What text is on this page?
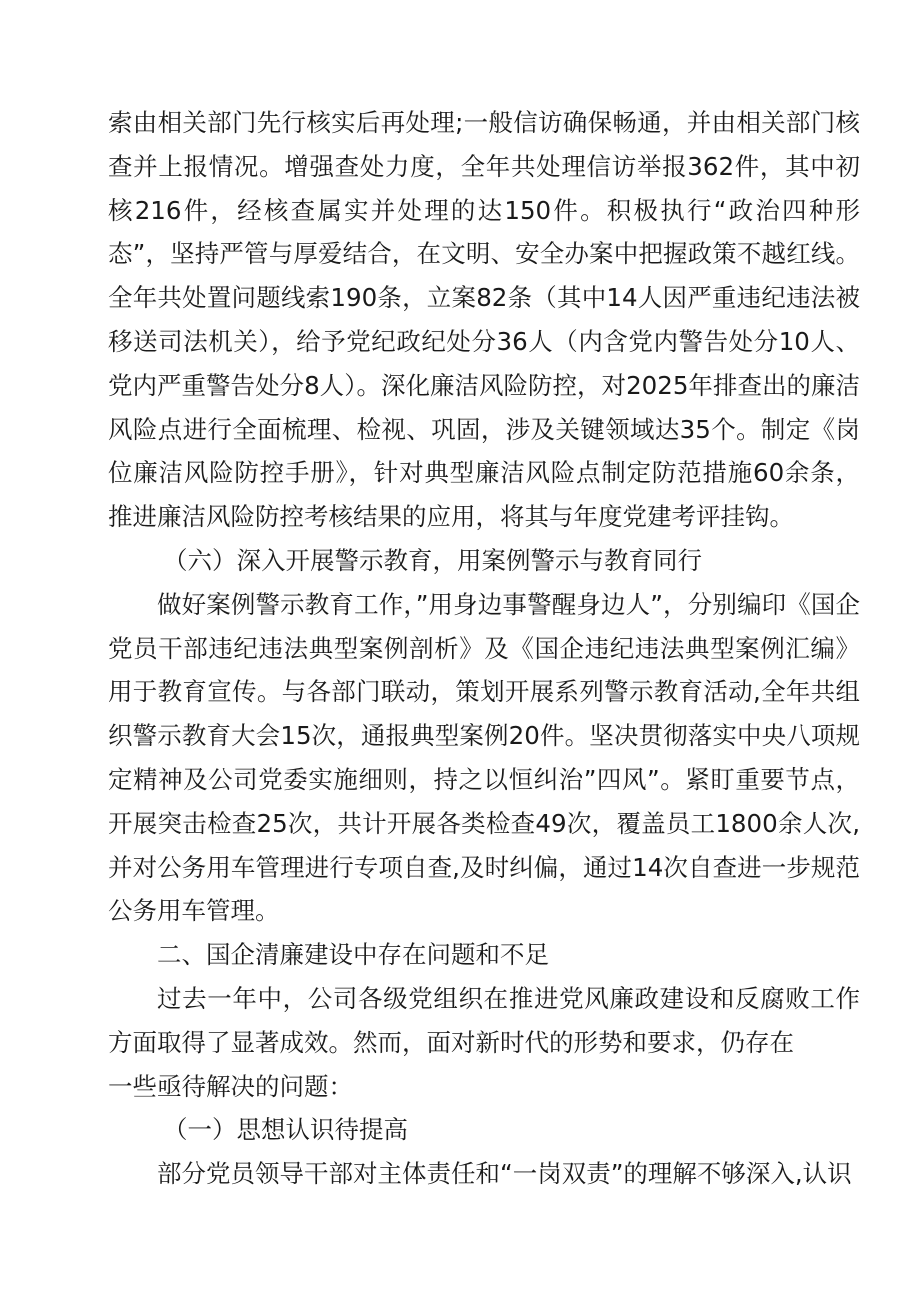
索由相关部门先行核实后再处理;一般信访确保畅通，并由相关部门核查并上报情况。增强查处力度，全年共处理信访举报362件，其中初核216件，经核查属实并处理的达150件。积极执行“政治四种形态”，坚持严管与厚爱结合，在文明、安全办案中把握政策不越红线。全年共处置问题线索190条，立案82条（其中14人因严重违纪违法被移送司法机关），给予党纪政纪处分36人（内含党内警告处分10人、党内严重警告处分8人）。深化廉洁风险防控，对2025年排查出的廉洁风险点进行全面梳理、检视、巩固，涉及关键领域达35个。制定《岗位廉洁风险防控手册》，针对典型廉洁风险点制定防范措施60余条，推进廉洁风险防控考核结果的应用，将其与年度党建考评挂钩。

（六）深入开展警示教育，用案例警示与教育同行

做好案例警示教育工作，”用身边事警醒身边人”，分别编印《国企党员干部违纪违法典型案例剖析》及《国企违纪违法典型案例汇编》用于教育宣传。与各部门联动，策划开展系列警示教育活动,全年共组织警示教育大会15次，通报典型案例20件。坚决贯彻落实中央八项规定精神及公司党委实施细则，持之以恒纠治”四风”。紧盯重要节点，开展突击检查25次，共计开展各类检查49次，覆盖员工1800余人次,并对公务用车管理进行专项自查,及时纠偏，通过14次自查进一步规范公务用车管理。

二、国企清廉建设中存在问题和不足

过去一年中，公司各级党组织在推进党风廉政建设和反腐败工作方面取得了显著成效。然而，面对新时代的形势和要求，仍存在

一些亟待解决的问题：

（一）思想认识待提高

部分党员领导干部对主体责任和“一岗双责”的理解不够深入,认识
